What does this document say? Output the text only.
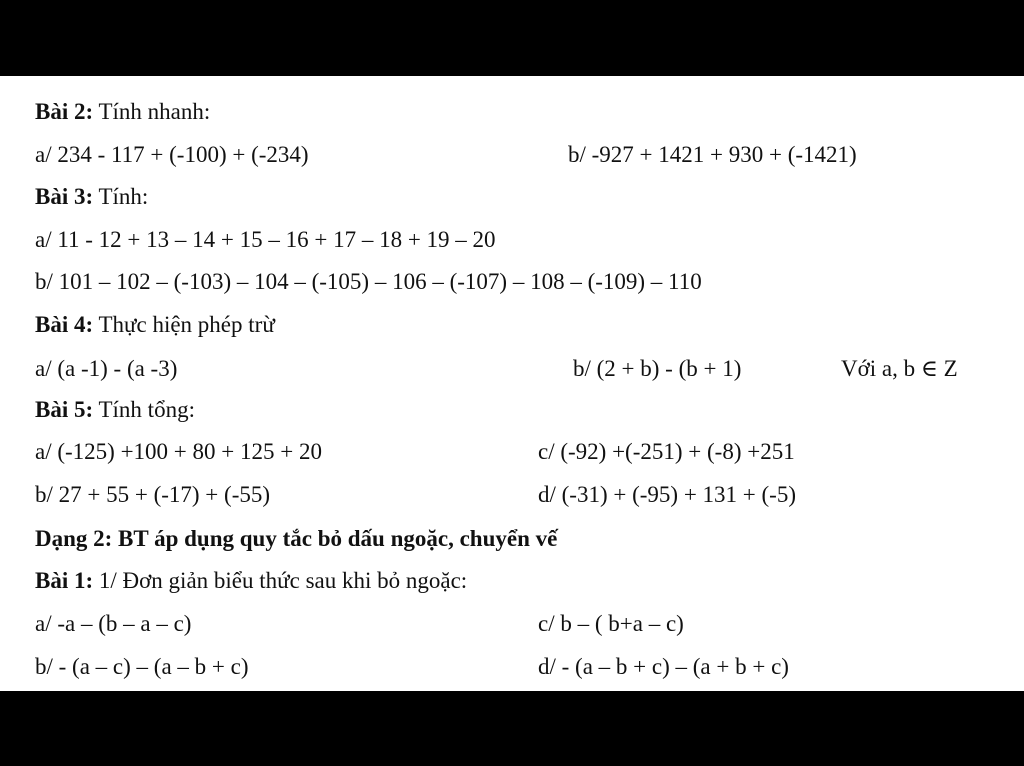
Bài 2: Tính nhanh:
a/ 234 - 117 + (-100) + (-234)	b/ -927 + 1421 + 930 + (-1421)
Bài 3: Tính:
a/ 11 - 12 + 13 – 14 + 15 – 16 + 17 – 18 + 19 – 20
b/ 101 – 102 – (-103) – 104 – (-105) – 106 – (-107) – 108 – (-109) – 110
Bài 4: Thực hiện phép trừ
a/ (a -1) - (a -3)	b/ (2 + b) - (b + 1)	Với a, b ∈ Z
Bài 5: Tính tổng:
a/ (-125) +100 + 80 + 125 + 20	c/ (-92) +(-251) + (-8) +251
b/ 27 + 55 + (-17) + (-55)	d/ (-31) + (-95) + 131 + (-5)
Dạng 2: BT áp dụng quy tắc bỏ dấu ngoặc, chuyển vế
Bài 1: 1/ Đơn giản biểu thức sau khi bỏ ngoặc:
a/ -a – (b – a – c)	c/ b – ( b+a – c)
b/ - (a – c) – (a – b + c)	d/ - (a – b + c) – (a + b + c)
